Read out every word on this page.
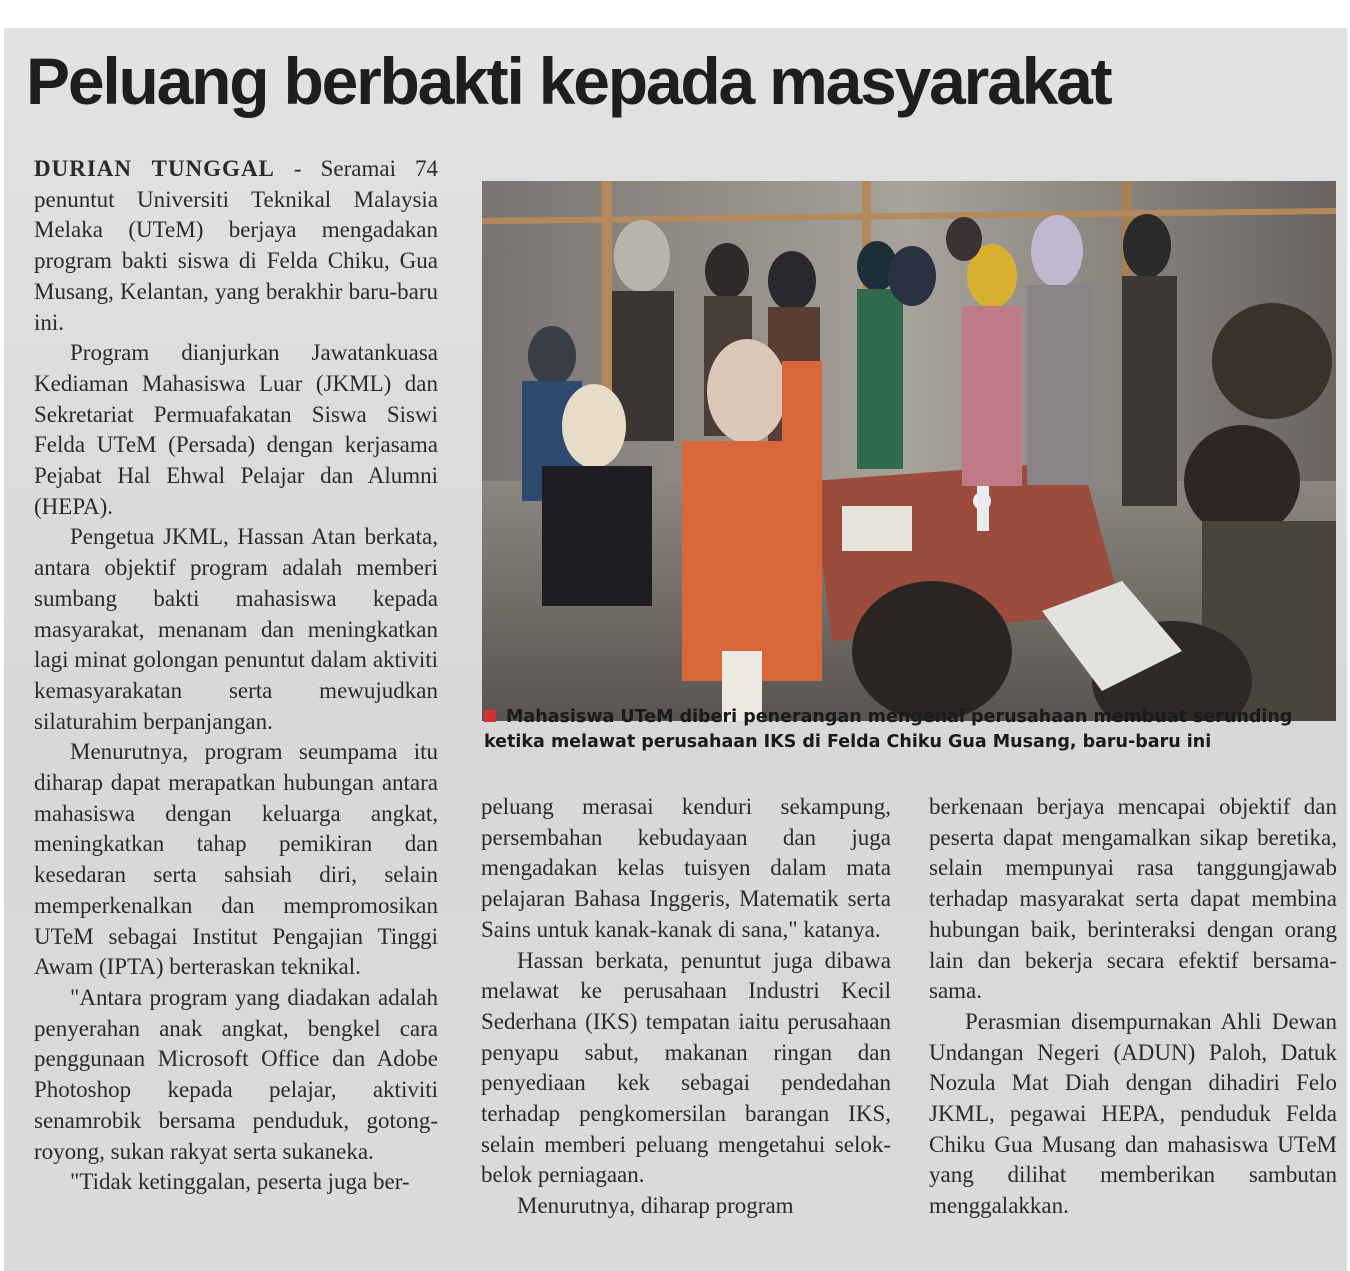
Peluang berbakti kepada masyarakat

DURIAN TUNGGAL - Seramai 74 penuntut Universiti Teknikal Malaysia Melaka (UTeM) berjaya mengadakan program bakti siswa di Felda Chiku, Gua Musang, Kelantan, yang berakhir baru-baru ini.

Program dianjurkan Jawatankuasa Kediaman Mahasiswa Luar (JKML) dan Sekretariat Permuafakatan Siswa Siswi Felda UTeM (Persada) dengan kerjasama Pejabat Hal Ehwal Pelajar dan Alumni (HEPA).

Pengetua JKML, Hassan Atan berkata, antara objektif program adalah memberi sumbang bakti mahasiswa kepada masyarakat, menanam dan meningkatkan lagi minat golongan penuntut dalam aktiviti kemasyarakatan serta mewujudkan silaturahim berpanjangan.

Menurutnya, program seumpama itu diharap dapat merapatkan hubungan antara mahasiswa dengan keluarga angkat, meningkatkan tahap pemikiran dan kesedaran serta sahsiah diri, selain memperkenalkan dan mempromosikan UTeM sebagai Institut Pengajian Tinggi Awam (IPTA) berteraskan teknikal.

"Antara program yang diadakan adalah penyerahan anak angkat, bengkel cara penggunaan Microsoft Office dan Adobe Photoshop kepada pelajar, aktiviti senamrobik bersama penduduk, gotong-royong, sukan rakyat serta sukaneka.

"Tidak ketinggalan, peserta juga ber-

Mahasiswa UTeM diberi penerangan mengenai perusahaan membuat serunding ketika melawat perusahaan IKS di Felda Chiku Gua Musang, baru-baru ini

peluang merasai kenduri sekampung, persembahan kebudayaan dan juga mengadakan kelas tuisyen dalam mata pelajaran Bahasa Inggeris, Matematik serta Sains untuk kanak-kanak di sana," katanya.

Hassan berkata, penuntut juga dibawa melawat ke perusahaan Industri Kecil Sederhana (IKS) tempatan iaitu perusahaan penyapu sabut, makanan ringan dan penyediaan kek sebagai pendedahan terhadap pengkomersilan barangan IKS, selain memberi peluang mengetahui selok-belok perniagaan.

Menurutnya, diharap program

berkenaan berjaya mencapai objektif dan peserta dapat mengamalkan sikap beretika, selain mempunyai rasa tanggungjawab terhadap masyarakat serta dapat membina hubungan baik, berinteraksi dengan orang lain dan bekerja secara efektif bersama-sama.

Perasmian disempurnakan Ahli Dewan Undangan Negeri (ADUN) Paloh, Datuk Nozula Mat Diah dengan dihadiri Felo JKML, pegawai HEPA, penduduk Felda Chiku Gua Musang dan mahasiswa UTeM yang dilihat memberikan sambutan menggalakkan.
